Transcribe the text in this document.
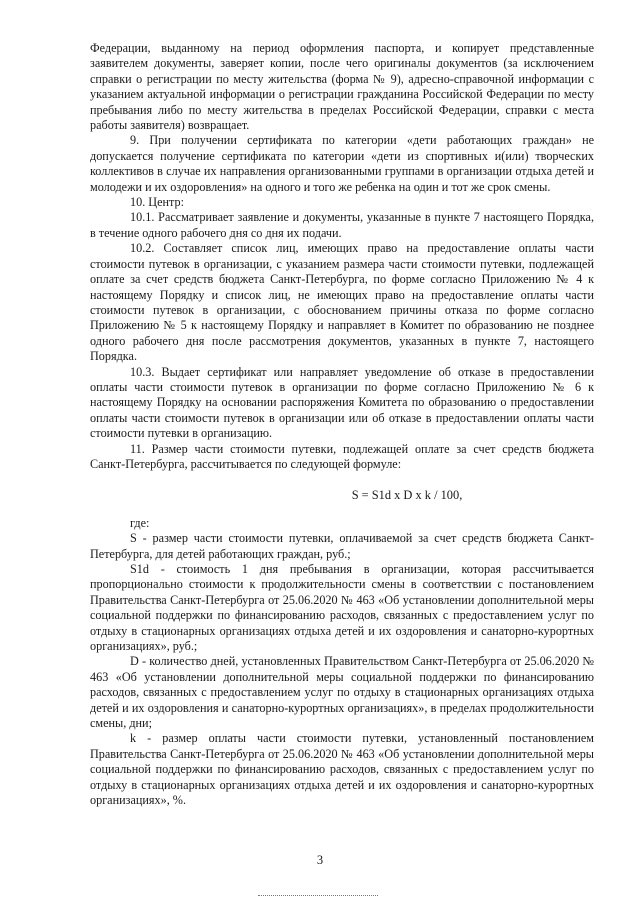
Федерации, выданному на период оформления паспорта, и копирует представленные заявителем документы, заверяет копии, после чего оригиналы документов (за исключением справки о регистрации по месту жительства (форма № 9), адресно-справочной информации с указанием актуальной информации о регистрации гражданина Российской Федерации по месту пребывания либо по месту жительства в пределах Российской Федерации, справки с места работы заявителя) возвращает.

9. При получении сертификата по категории «дети работающих граждан» не допускается получение сертификата по категории «дети из спортивных и(или) творческих коллективов в случае их направления организованными группами в организации отдыха детей и молодежи и их оздоровления» на одного и того же ребенка на один и тот же срок смены.

10. Центр:

10.1. Рассматривает заявление и документы, указанные в пункте 7 настоящего Порядка, в течение одного рабочего дня со дня их подачи.

10.2. Составляет список лиц, имеющих право на предоставление оплаты части стоимости путевок в организации, с указанием размера части стоимости путевки, подлежащей оплате за счет средств бюджета Санкт-Петербурга, по форме согласно Приложению № 4 к настоящему Порядку и список лиц, не имеющих право на предоставление оплаты части стоимости путевок в организации, с обоснованием причины отказа по форме согласно Приложению № 5 к настоящему Порядку и направляет в Комитет по образованию не позднее одного рабочего дня после рассмотрения документов, указанных в пункте 7, настоящего Порядка.

10.3. Выдает сертификат или направляет уведомление об отказе в предоставлении оплаты части стоимости путевок в организации по форме согласно Приложению № 6 к настоящему Порядку на основании распоряжения Комитета по образованию о предоставлении оплаты части стоимости путевок в организации или об отказе в предоставлении оплаты части стоимости путевки в организацию.

11. Размер части стоимости путевки, подлежащей оплате за счет средств бюджета Санкт-Петербурга, рассчитывается по следующей формуле:

S = S1d x D x k / 100,

где:

S - размер части стоимости путевки, оплачиваемой за счет средств бюджета Санкт-Петербурга, для детей работающих граждан, руб.;

S1d - стоимость 1 дня пребывания в организации, которая рассчитывается пропорционально стоимости к продолжительности смены в соответствии с постановлением Правительства Санкт-Петербурга от 25.06.2020 № 463 «Об установлении дополнительной меры социальной поддержки по финансированию расходов, связанных с предоставлением услуг по отдыху в стационарных организациях отдыха детей и их оздоровления и санаторно-курортных организациях», руб.;

D - количество дней, установленных Правительством Санкт-Петербурга от 25.06.2020 № 463 «Об установлении дополнительной меры социальной поддержки по финансированию расходов, связанных с предоставлением услуг по отдыху в стационарных организациях отдыха детей и их оздоровления и санаторно-курортных организациях», в пределах продолжительности смены, дни;

k - размер оплаты части стоимости путевки, установленный постановлением Правительства Санкт-Петербурга от 25.06.2020 № 463 «Об установлении дополнительной меры социальной поддержки по финансированию расходов, связанных с предоставлением услуг по отдыху в стационарных организациях отдыха детей и их оздоровления и санаторно-курортных организациях», %.

3
